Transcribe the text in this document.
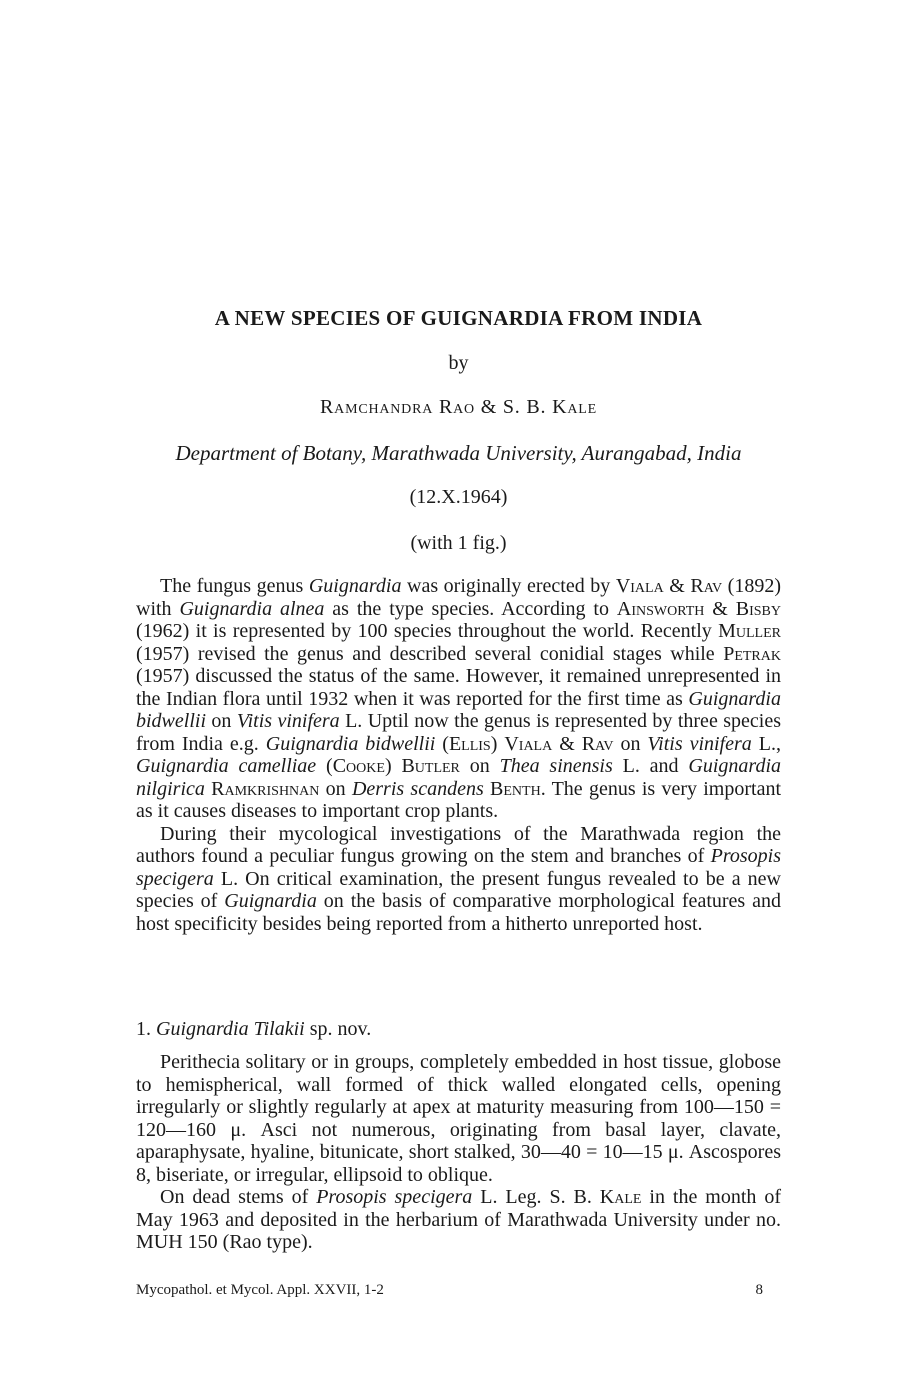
A NEW SPECIES OF GUIGNARDIA FROM INDIA
by
Ramchandra Rao & S. B. Kale
Department of Botany, Marathwada University, Aurangabad, India
(12.X.1964)
(with 1 fig.)

The fungus genus Guignardia was originally erected by Viala & Rav (1892) with Guignardia alnea as the type species. According to Ainsworth & Bisby (1962) it is represented by 100 species throughout the world. Recently Muller (1957) revised the genus and described several conidial stages while Petrak (1957) discussed the status of the same. However, it remained unrepresented in the Indian flora until 1932 when it was reported for the first time as Guignardia bidwellii on Vitis vinifera L. Uptil now the genus is represented by three species from India e.g. Guignardia bidwellii (Ellis) Viala & Rav on Vitis vinifera L., Guignardia camelliae (Cooke) Butler on Thea sinensis L. and Guignardia nilgirica Ramkrishnan on Derris scandens Benth. The genus is very important as it causes diseases to important crop plants.

During their mycological investigations of the Marathwada region the authors found a peculiar fungus growing on the stem and branches of Prosopis specigera L. On critical examination, the present fungus revealed to be a new species of Guignardia on the basis of comparative morphological features and host specificity besides being reported from a hitherto unreported host.

1. Guignardia Tilakii sp. nov.

Perithecia solitary or in groups, completely embedded in host tissue, globose to hemispherical, wall formed of thick walled elongated cells, opening irregularly or slightly regularly at apex at maturity measuring from 100—150 = 120—160 μ. Asci not numerous, originating from basal layer, clavate, aparaphysate, hyaline, bitunicate, short stalked, 30—40 = 10—15 μ. Ascospores 8, biseriate, or irregular, ellipsoid to oblique.

On dead stems of Prosopis specigera L. Leg. S. B. Kale in the month of May 1963 and deposited in the herbarium of Marathwada University under no. MUH 150 (Rao type).

Mycopathol. et Mycol. Appl. XXVII, 1-2	8
